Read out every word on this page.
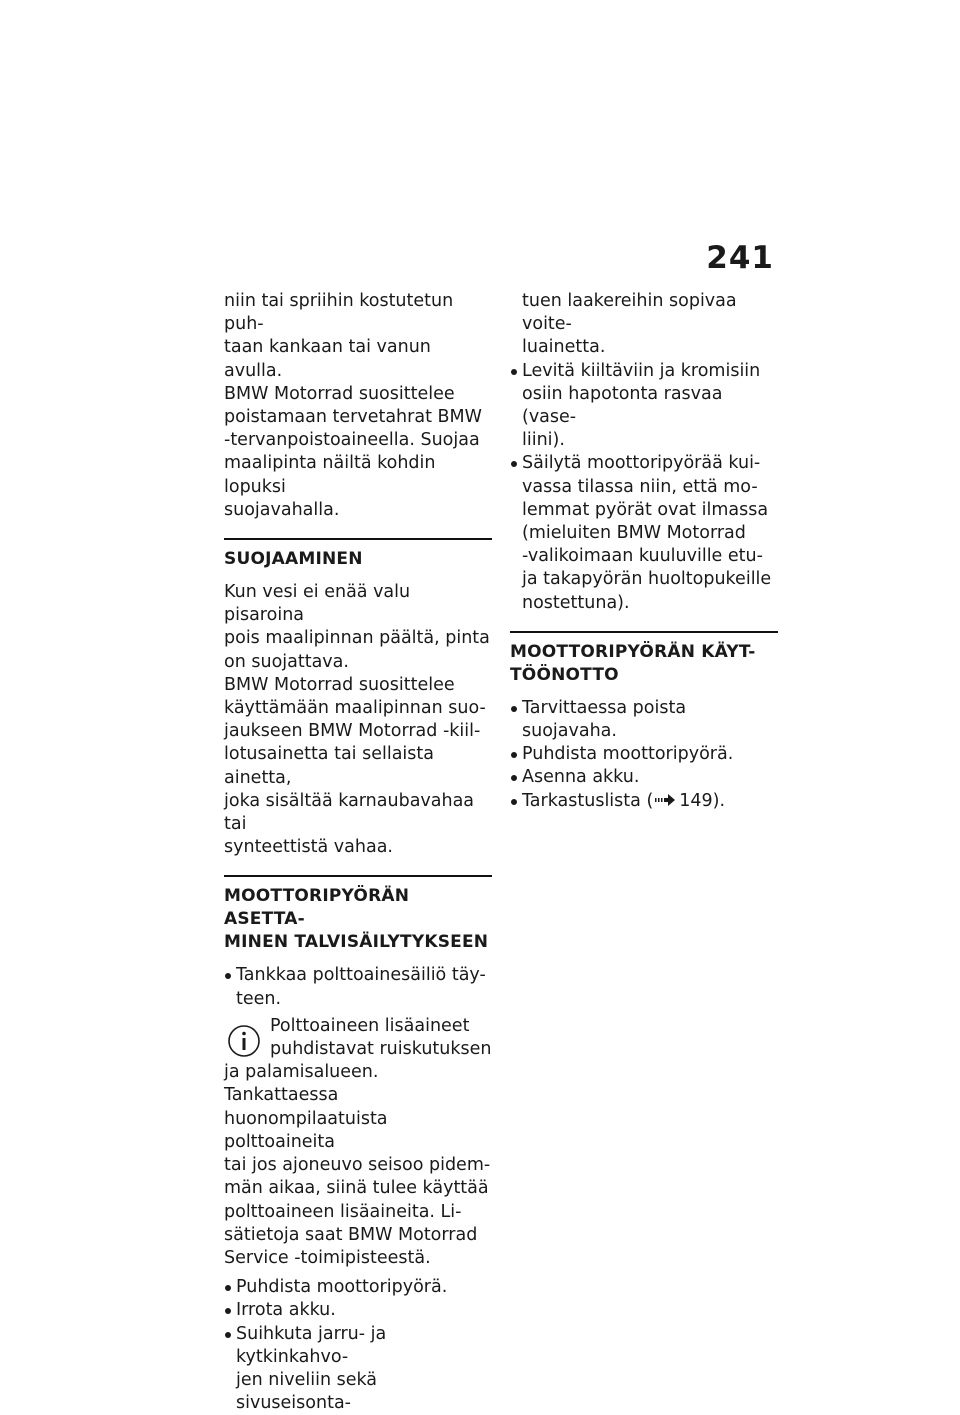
241
niin tai spriihin kostutetun puh-
taan kankaan tai vanun avulla.
BMW Motorrad suosittelee
poistamaan tervetahrat BMW
-tervanpoistoaineella. Suojaa
maalipinta näiltä kohdin lopuksi
suojavahalla.
SUOJAAMINEN
Kun vesi ei enää valu pisaroina
pois maalipinnan päältä, pinta
on suojattava.
BMW Motorrad suosittelee
käyttämään maalipinnan suo-
jaukseen BMW Motorrad -kiil-
lotusainetta tai sellaista ainetta,
joka sisältää karnaubavahaa tai
synteettistä vahaa.
MOOTTORIPYÖRÄN ASETTA-
MINEN TALVISÄILYTYKSEEN
Tankkaa polttoainesäiliö täy-
teen.
Polttoaineen lisäaineet
puhdistavat ruiskutuksen
ja palamisalueen. Tankattaessa
huonompilaatuista polttoaineita
tai jos ajoneuvo seisoo pidem-
män aikaa, siinä tulee käyttää
polttoaineen lisäaineita. Li-
sätietoja saat BMW Motorrad
Service -toimipisteestä.
Puhdista moottoripyörä.
Irrota akku.
Suihkuta jarru- ja kytkinkahvo-
jen niveliin sekä sivuseisonta-
tuen laakereihin sopivaa voite-
luainetta.
Levitä kiiltäviin ja kromisiin
osiin hapotonta rasvaa (vase-
liini).
Säilytä moottoripyörää kui-
vassa tilassa niin, että mo-
lemmat pyörät ovat ilmassa
(mieluiten BMW Motorrad
-valikoimaan kuuluville etu-
ja takapyörän huoltopukeille
nostettuna).
MOOTTORIPYÖRÄN KÄYT-
TÖÖNOTTO
Tarvittaessa poista suojavaha.
Puhdista moottoripyörä.
Asenna akku.
Tarkastuslista ( 149).
